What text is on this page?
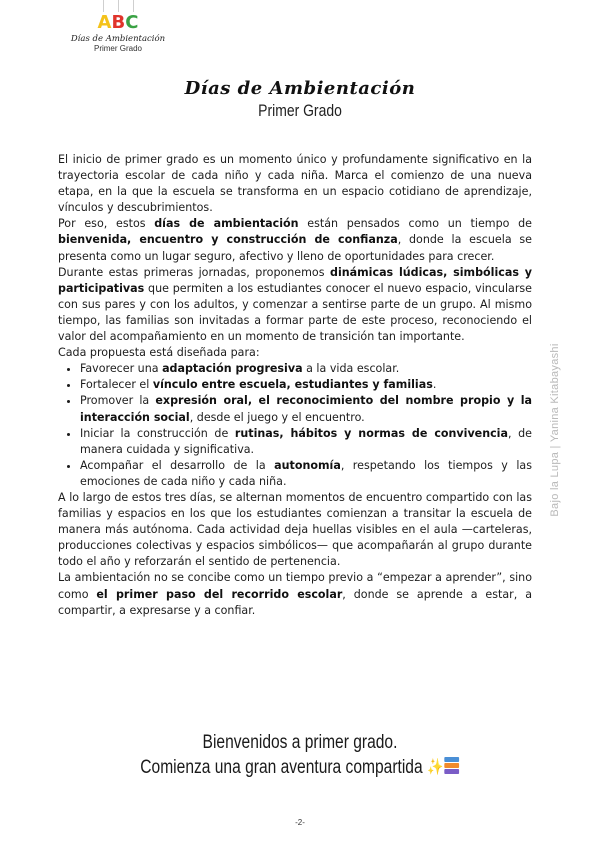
ABC
Días de Ambientación
Primer Grado
Días de Ambientación
Primer Grado

El inicio de primer grado es un momento único y profundamente significativo en la trayectoria escolar de cada niño y cada niña. Marca el comienzo de una nueva etapa, en la que la escuela se transforma en un espacio cotidiano de aprendizaje, vínculos y descubrimientos.

Por eso, estos días de ambientación están pensados como un tiempo de bienvenida, encuentro y construcción de confianza, donde la escuela se presenta como un lugar seguro, afectivo y lleno de oportunidades para crecer.

Durante estas primeras jornadas, proponemos dinámicas lúdicas, simbólicas y participativas que permiten a los estudiantes conocer el nuevo espacio, vincularse con sus pares y con los adultos, y comenzar a sentirse parte de un grupo. Al mismo tiempo, las familias son invitadas a formar parte de este proceso, reconociendo el valor del acompañamiento en un momento de transición tan importante.

Cada propuesta está diseñada para:

• Favorecer una adaptación progresiva a la vida escolar.
• Fortalecer el vínculo entre escuela, estudiantes y familias.
• Promover la expresión oral, el reconocimiento del nombre propio y la interacción social, desde el juego y el encuentro.
• Iniciar la construcción de rutinas, hábitos y normas de convivencia, de manera cuidada y significativa.
• Acompañar el desarrollo de la autonomía, respetando los tiempos y las emociones de cada niño y cada niña.

A lo largo de estos tres días, se alternan momentos de encuentro compartido con las familias y espacios en los que los estudiantes comienzan a transitar la escuela de manera más autónoma. Cada actividad deja huellas visibles en el aula —carteleras, producciones colectivas y espacios simbólicos— que acompañarán al grupo durante todo el año y reforzarán el sentido de pertenencia.

La ambientación no se concibe como un tiempo previo a “empezar a aprender”, sino como el primer paso del recorrido escolar, donde se aprende a estar, a compartir, a expresarse y a confiar.

Bajo la Lupa | Yanina Kitabayashi
Bienvenidos a primer grado.
Comienza una gran aventura compartida ✨
-2-
